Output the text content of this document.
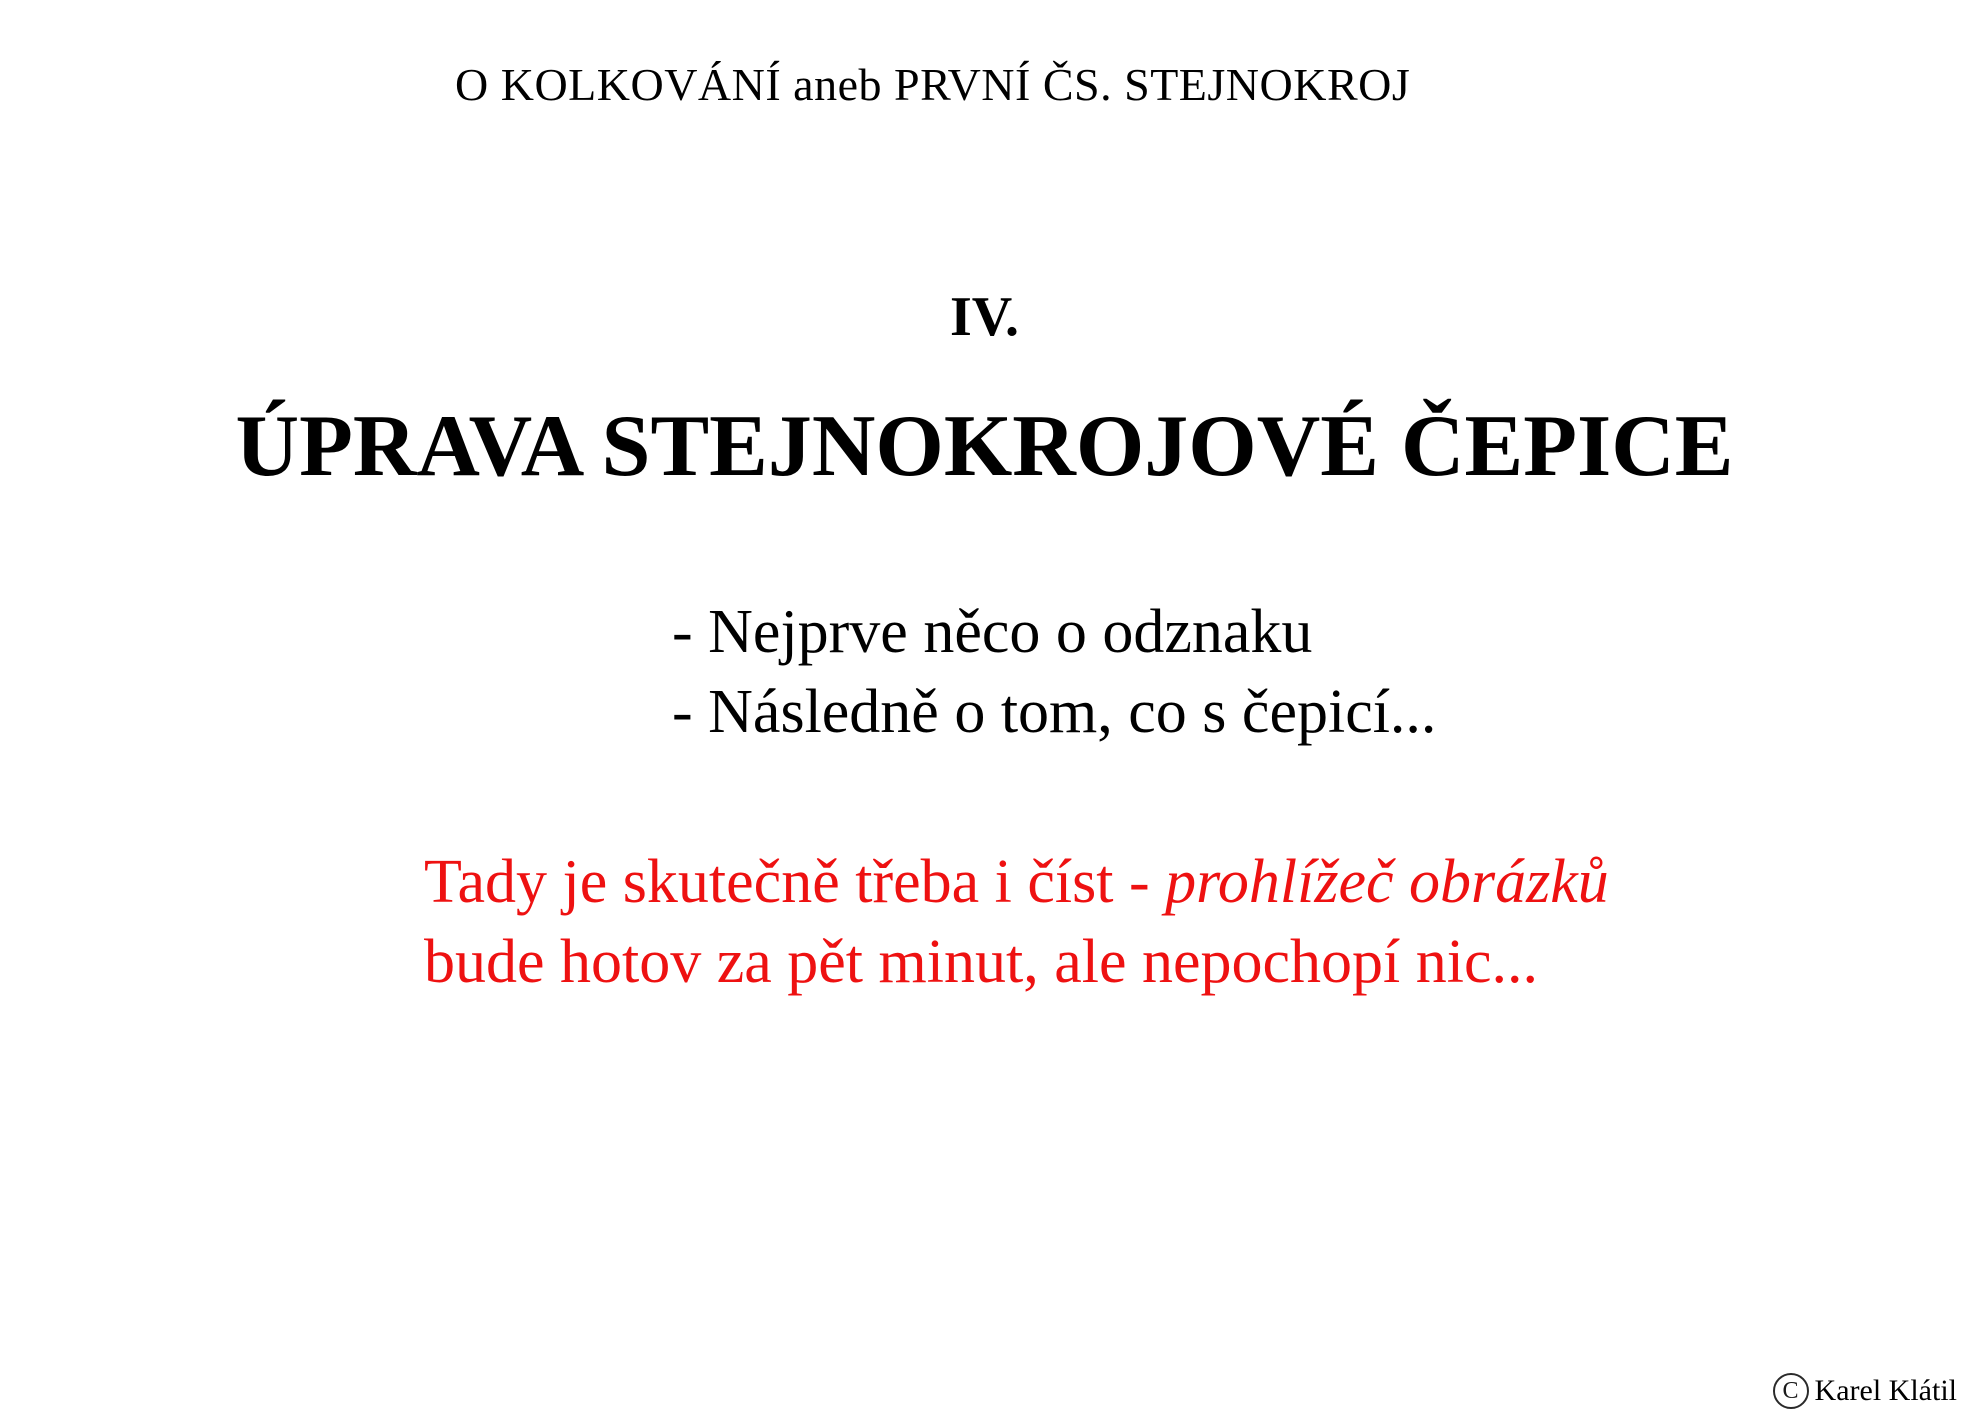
O KOLKOVÁNÍ aneb PRVNÍ ČS. STEJNOKROJ
IV.
ÚPRAVA STEJNOKROJOVÉ ČEPICE
- Nejprve něco o odznaku
- Následně o tom, co s čepicí...
Tady je skutečně třeba i číst - prohlížeč obrázků
bude hotov za pět minut, ale nepochopí nic...
C Karel Klátil
